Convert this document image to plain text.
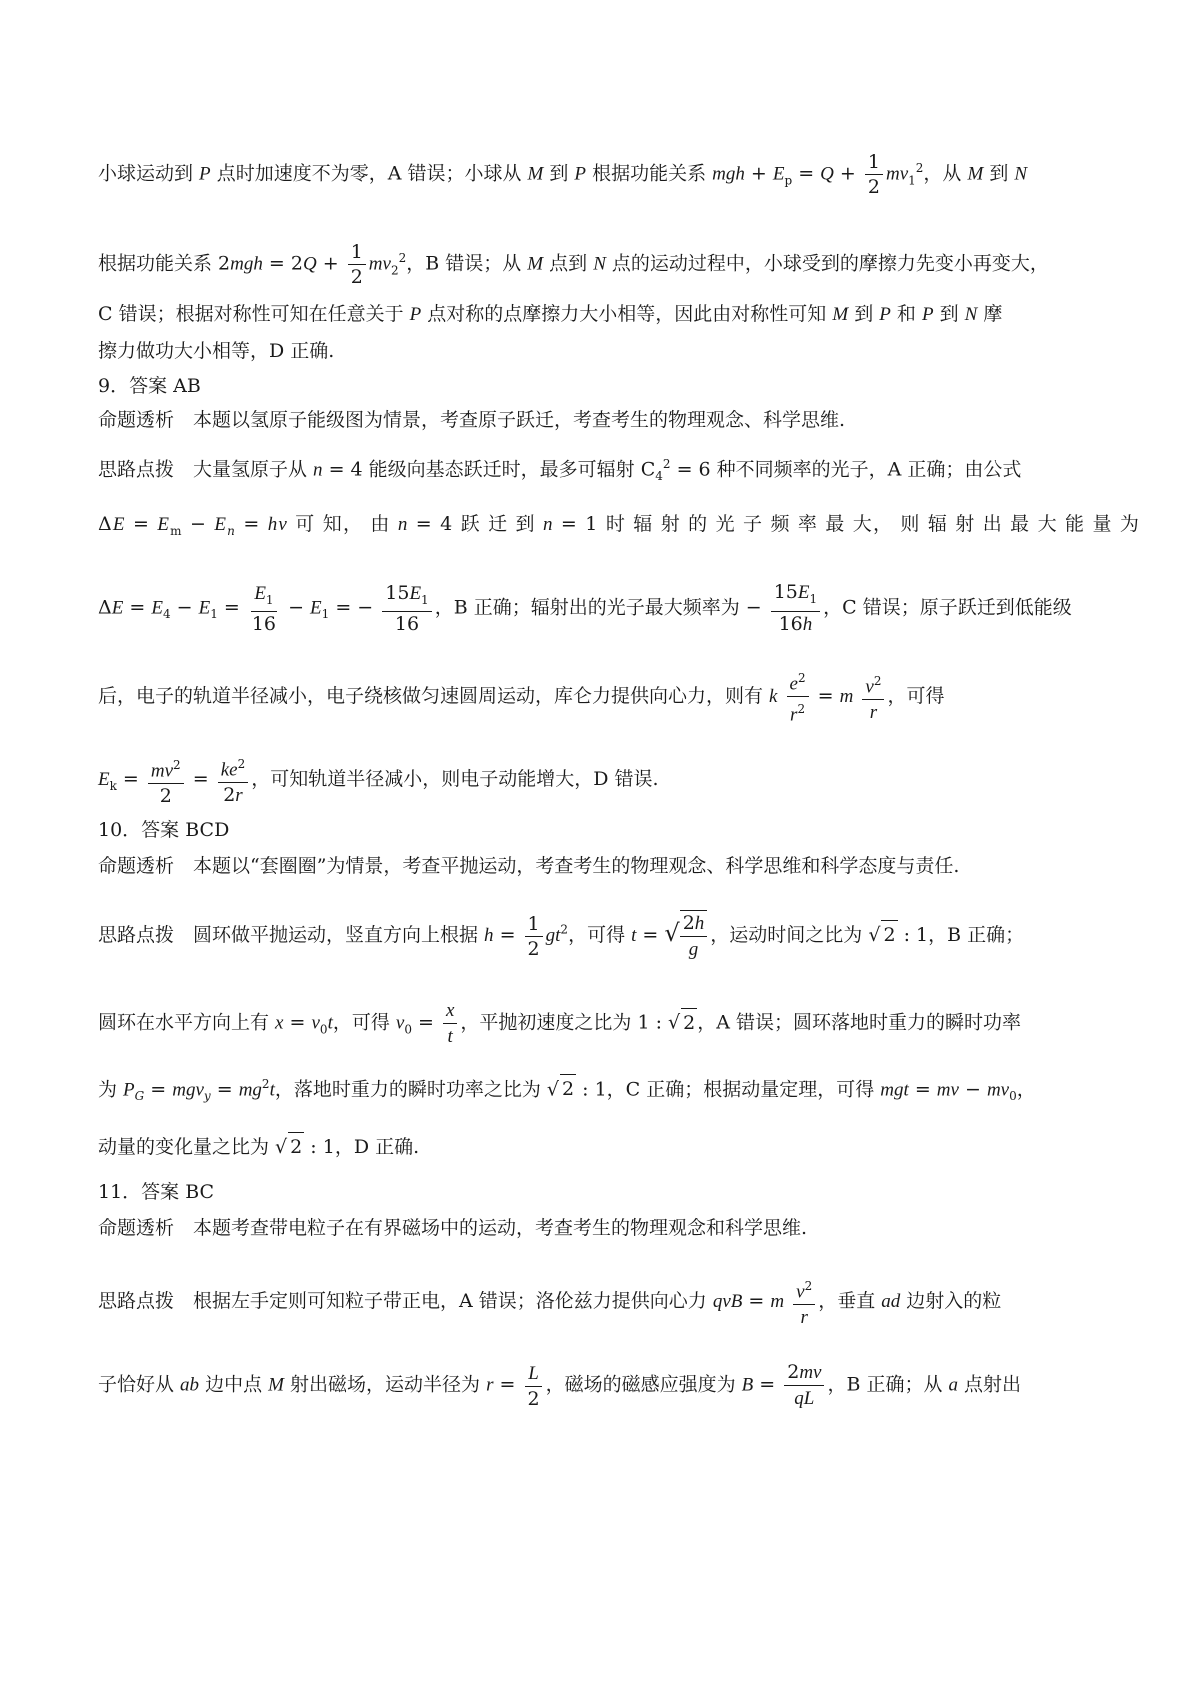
小球运动到 P 点时加速度不为零，A 错误；小球从 M 到 P 根据功能关系 mgh + $E_p = Q + \frac{1}{2} mv_1^2$，从 M 到 N
根据功能关系 $2mgh = 2Q + \frac{1}{2} mv_2^2$，B 错误；从 M 点到 N 点的运动过程中，小球受到的摩擦力先变小再变大，
C 错误；根据对称性可知在任意关于 P 点对称的点摩擦力大小相等，因此由对称性可知 M 到 P 和 P 到 N 摩
擦力做功大小相等，D 正确.
9．答案 AB
命题透析　本题以氢原子能级图为情景，考查原子跃迁，考查考生的物理观念、科学思维.
思路点拨　大量氢原子从 n = 4 能级向基态跃迁时，最多可辐射 $C_4^2 = 6$ 种不同频率的光子，A 正确；由公式
$\Delta E = E_m - E_n = h\nu$ 可 知， 由 n = 4 跃 迁 到 n = 1 时 辐 射 的 光 子 频 率 最 大， 则 辐 射 出 最 大 能 量 为
$\Delta E = E_4 - E_1 = \frac{E_1}{16} - E_1$ = − $\frac{15E_1}{16}$ ，B 正确；辐射出的光子最大频率为 − $\frac{15E_1}{16h}$ ，C 错误；原子跃迁到低能级
后，电子的轨道半径减小，电子绕核做匀速圆周运动，库仑力提供向心力，则有 k $\frac{e^2}{r^2} = m \frac{v^2}{r}$ ，可得
$E_k = \frac{mv^2}{2} = \frac{ke^2}{2r}$ ，可知轨道半径减小，则电子动能增大，D 错误.
10．答案 BCD
命题透析　本题以“套圈圈”为情景，考查平抛运动，考查考生的物理观念、科学思维和科学态度与责任.
思路点拨　圆环做平抛运动，竖直方向上根据 $h = \frac{1}{2} gt^2$，可得 t = √ $\frac{2h}{g}$ ，运动时间之比为 √ 2 : 1，B 正确；
圆环在水平方向上有 $x = v_0t$，可得 $v_0 = \frac{x}{t}$ ，平抛初速度之比为 1 : √ 2 ，A 错误；圆环落地时重力的瞬时功率
为 $P_G = mgv_y = mg^2t$，落地时重力的瞬时功率之比为 √ 2 : 1，C 正确；根据动量定理，可得 mgt = mv − $mv_0$，
动量的变化量之比为 √ 2 : 1，D 正确.
11．答案 BC
命题透析　本题考查带电粒子在有界磁场中的运动，考查考生的物理观念和科学思维.
思路点拨　根据左手定则可知粒子带正电，A 错误；洛伦兹力提供向心力 qvB = m $\frac{v^2}{r}$ ，垂直 ad 边射入的粒
子恰好从 ab 边中点 M 射出磁场，运动半径为 $r = \frac{L}{2}$ ，磁场的磁感应强度为 $B = \frac{2mv}{qL}$ ，B 正确；从 a 点射出
